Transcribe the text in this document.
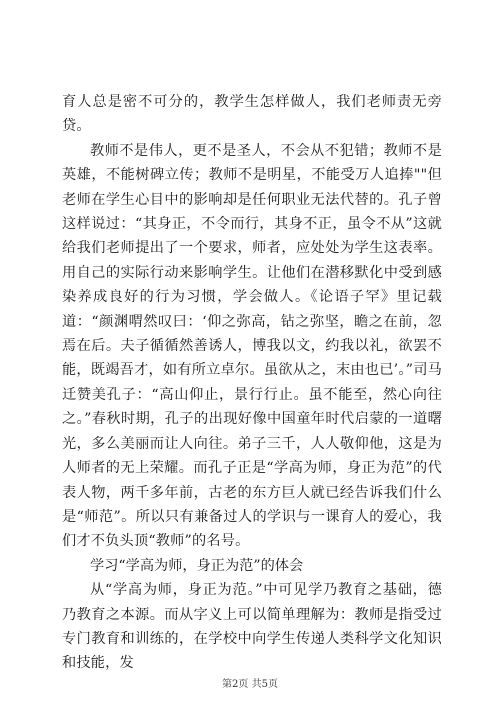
育人总是密不可分的，教学生怎样做人，我们老师责无旁贷。

教师不是伟人，更不是圣人，不会从不犯错；教师不是英雄，不能树碑立传；教师不是明星，不能受万人追捧""但老师在学生心目中的影响却是任何职业无法代替的。孔子曾这样说过：“其身正，不令而行，其身不正，虽令不从”这就给我们老师提出了一个要求，师者，应处处为学生这表率。用自己的实际行动来影响学生。让他们在潜移默化中受到感染养成良好的行为习惯，学会做人。《论语子罕》里记载道：“颜渊喟然叹曰：‘仰之弥高，钻之弥坚，瞻之在前，忽焉在后。夫子循循然善诱人，博我以文，约我以礼，欲罢不能，既竭吾才，如有所立卓尔。虽欲从之，末由也已’。”司马迁赞美孔子：“高山仰止，景行行止。虽不能至，然心向往之。”春秋时期，孔子的出现好像中国童年时代启蒙的一道曙光，多么美丽而让人向往。弟子三千，人人敬仰他，这是为人师者的无上荣耀。而孔子正是“学高为师，身正为范”的代表人物，两千多年前，古老的东方巨人就已经告诉我们什么是“师范”。所以只有兼备过人的学识与一课育人的爱心，我们才不负头顶“教师”的名号。

学习“学高为师，身正为范”的体会

从“学高为师，身正为范。”中可见学乃教育之基础，德乃教育之本源。而从字义上可以简单理解为：教师是指受过专门教育和训练的，在学校中向学生传递人类科学文化知识和技能，发

第2页 共5页
